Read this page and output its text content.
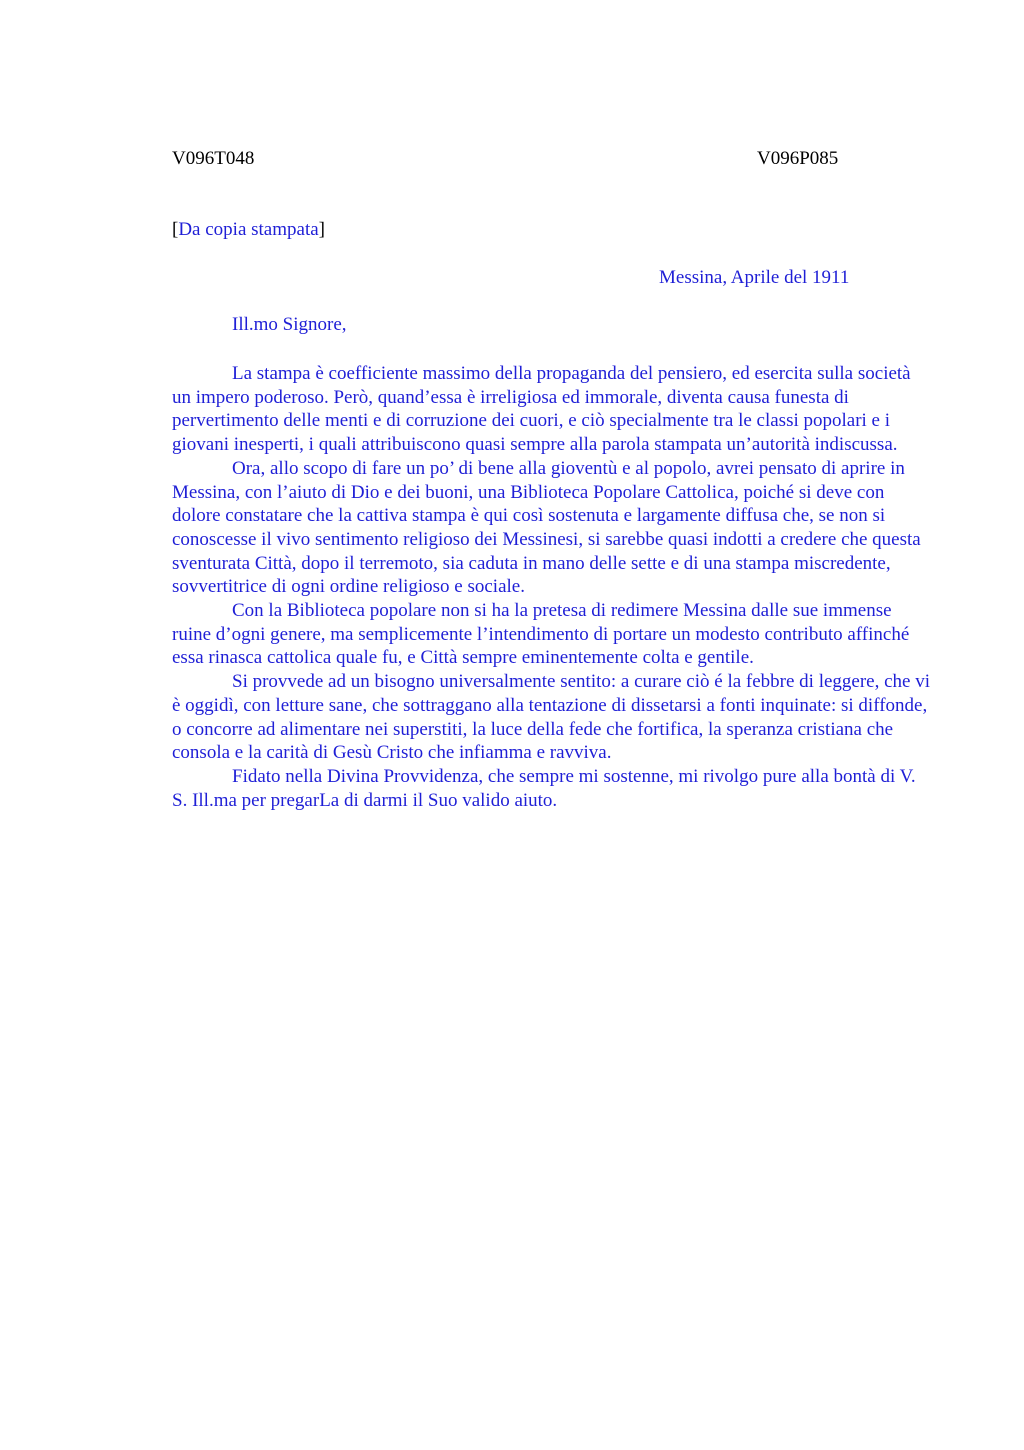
V096T048	V096P085
[Da copia stampata]
Messina, Aprile del 1911
Ill.mo Signore,

La stampa è coefficiente massimo della propaganda del pensiero, ed esercita sulla società un impero poderoso. Però, quand’essa è irreligiosa ed immorale, diventa causa funesta di pervertimento delle menti e di corruzione dei cuori, e ciò specialmente tra le classi popolari e i giovani inesperti, i quali attribuiscono quasi sempre alla parola stampata un’autorità indiscussa.

Ora, allo scopo di fare un po’ di bene alla gioventù e al popolo, avrei pensato di aprire in Messina, con l’aiuto di Dio e dei buoni, una Biblioteca Popolare Cattolica, poiché si deve con dolore constatare che la cattiva stampa è qui così sostenuta e largamente diffusa che, se non si conoscesse il vivo sentimento religioso dei Messinesi, si sarebbe quasi indotti a credere che questa sventurata Città, dopo il terremoto, sia caduta in mano delle sette e di una stampa miscredente, sovvertitrice di ogni ordine religioso e sociale.

Con la Biblioteca popolare non si ha la pretesa di redimere Messina dalle sue immense ruine d’ogni genere, ma semplicemente l’intendimento di portare un modesto contributo affinché essa rinasca cattolica quale fu, e Città sempre eminentemente colta e gentile.

Si provvede ad un bisogno universalmente sentito: a curare ciò é la febbre di leggere, che vi è oggidì, con letture sane, che sottraggano alla tentazione di dissetarsi a fonti inquinate: si diffonde, o concorre ad alimentare nei superstiti, la luce della fede che fortifica, la speranza cristiana che consola e la carità di Gesù Cristo che infiamma e ravviva.

Fidato nella Divina Provvidenza, che sempre mi sostenne, mi rivolgo pure alla bontà di V. S. Ill.ma per pregarLa di darmi il Suo valido aiuto.
